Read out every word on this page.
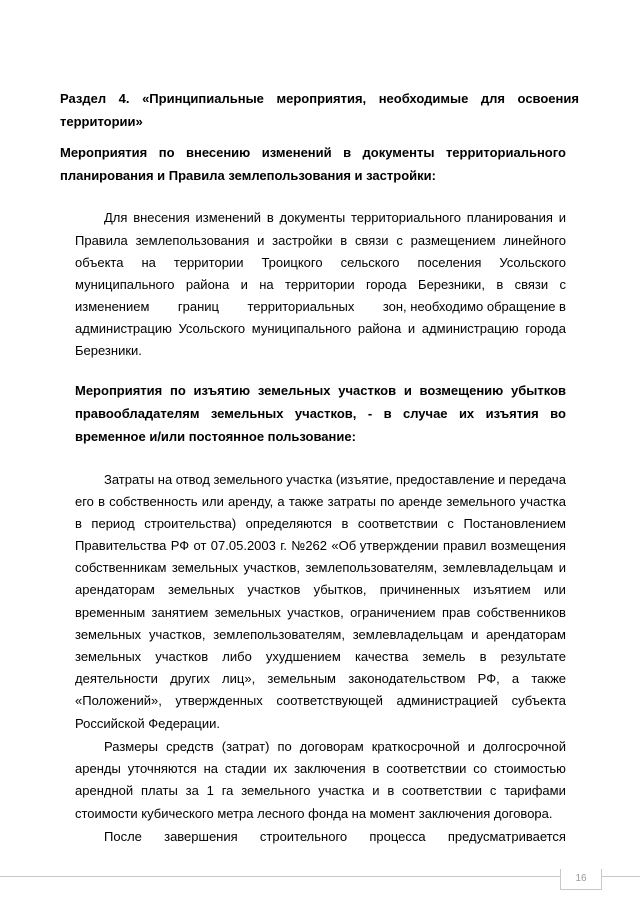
Раздел 4. «Принципиальные мероприятия, необходимые для освоения
территории»
Мероприятия по внесению изменений в документы территориального
планирования и Правила землепользования и застройки:
Для внесения изменений в документы территориального планирования и
Правила землепользования и застройки в связи с размещением линейного
объекта на территории Троицкого сельского поселения Усольского
муниципального района и на территории города Березники, в связи с
изменением границ территориальных зон, необходимо обращение в
администрацию Усольского муниципального района и администрацию города
Березники.
Мероприятия по изъятию земельных участков и возмещению убытков
правообладателям земельных участков, - в случае их изъятия во
временное и/или постоянное пользование:
Затраты на отвод земельного участка (изъятие, предоставление и передача
его в собственность или аренду, а также затраты по аренде земельного участка
в период строительства) определяются в соответствии с Постановлением
Правительства РФ от 07.05.2003 г. №262 «Об утверждении правил возмещения
собственникам земельных участков, землепользователям, землевладельцам и
арендаторам земельных участков убытков, причиненных изъятием или
временным занятием земельных участков, ограничением прав собственников
земельных участков, землепользователям, землевладельцам и арендаторам
земельных участков либо ухудшением качества земель в результате
деятельности других лиц», земельным законодательством РФ, а также
«Положений», утвержденных соответствующей администрацией субъекта
Российской Федерации.
Размеры средств (затрат) по договорам краткосрочной и долгосрочной
аренды уточняются на стадии их заключения в соответствии со стоимостью
арендной платы за 1 га земельного участка и в соответствии с тарифами
стоимости кубического метра лесного фонда на момент заключения договора.
После завершения строительного процесса предусматривается
16
